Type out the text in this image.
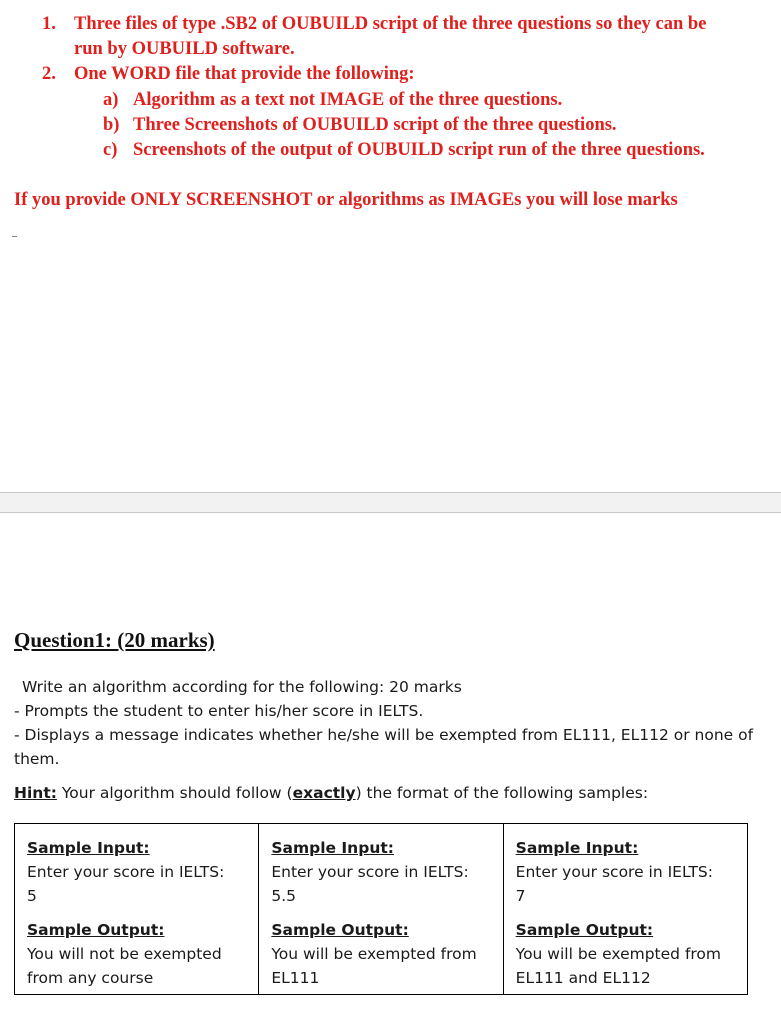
1. Three files of type .SB2 of OUBUILD script of the three questions so they can be
run by OUBUILD software.
2. One WORD file that provide the following:
a) Algorithm as a text not IMAGE of the three questions.
b) Three Screenshots of OUBUILD script of the three questions.
c) Screenshots of the output of OUBUILD script run of the three questions.
If you provide ONLY SCREENSHOT or algorithms as IMAGEs you will lose marks
Question1: (20 marks)
Write an algorithm according for the following: 20 marks
- Prompts the student to enter his/her score in IELTS.
- Displays a message indicates whether he/she will be exempted from EL111, EL112 or none of
them.
Hint: Your algorithm should follow (exactly) the format of the following samples:
Sample Input:
Enter your score in IELTS:
5
Sample Output:
You will not be exempted
from any course
Sample Input:
Enter your score in IELTS:
5.5
Sample Output:
You will be exempted from
EL111
Sample Input:
Enter your score in IELTS:
7
Sample Output:
You will be exempted from
EL111 and EL112
